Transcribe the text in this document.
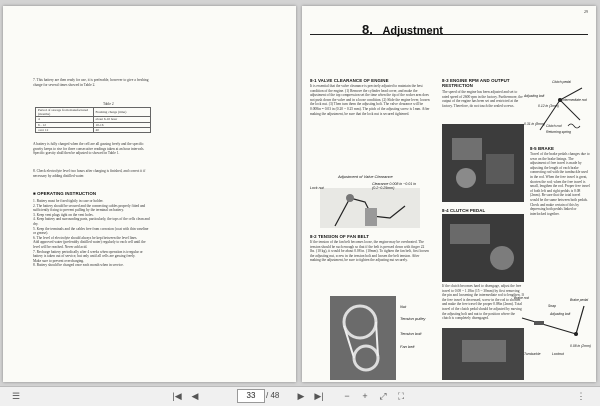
7. This battery are then ready for use, it is preferable, however to give a freshing charge for several times showed in Table 2.
Table 2
Period of storage from manufactured (months)	Freshing charge (time)
4	about 6-10 hour
6 - 12	10-16
over 12	40
A battery is fully charged when the cell are all gassing freely and the specific gravity keeps to rise for three consecutive readings taken at an hour intervals. Specific gravity shall then be adjusted to showed in Table 1.
8. Check electrolyte level two hours after charging is finished, and correct it if necessary by adding distilled water.
■ OPERATING INSTRUCTION
1. Battery must be fixed tightly in case or holder.
2. The battery should be secured and the connecting cables properly fitted and sufficiently fixing to prevent pulling by the terminal on battery.
3. Keep vent plugs tight on the vent holes.
4. Keep battery and surrounding parts, particularly, the tops of the cells clean and dry.
5. Keep the terminals and the cables free from corrosion (coat with thin vaseline or grease).
6. The level of electrolyte should always be kept between the level lines.
Add approved water (preferably distilled water) regularly to each cell until the level will be reached. Never add acid.
7. Recharge battery periodically after 4 weeks when operation is irregular or battery is taken out of service, but only until all cells are gassing freely.
Make sure to prevent overcharging.
8. Battery should be charged once each month when in service.
29
8. Adjustment
8-1 VALVE CLEARANCE OF ENGINE
It is essential that the valve clearance is precisely adjusted to maintain the best condition of the engine. (1) Remove the cylinder head cover, and make the adjustment of the top compression set the time when the tip of the rocker arm does not push down the valve and in a loose condition. (2) Slide the engine lever, loosen the lock nut. (3) Then turn them the adjusting bolt. The valve clearance will be 0.008in = 0.03 in (0.20 ~ 0.25 mm). The pitch of the adjusting screw is 1mm. After making the adjustment, be sure that the lock nut is secured tightened.
Adjustment of Valve Clearance
Clearance 0.008 in ~0.01 in (0.2~0.25mm)
Lock nut
8-2 TENSION OF FAN BELT
If the tension of the fan belt becomes loose, the engine may be overheated. The tension should be such enough so that if the belt is pressed down with finger 22 lbs. (10 kg), it would be about 0.08 in. (10mm). To tighten the fan belt, first loosen the adjusting nut, screw in the tension bolt and loosen the belt tension. After making the adjustment, be sure to tighten the adjusting nut securely.
Nut
Tension pulley
Tension bolt
Fan belt
8-3 ENGINE RPM AND OUTPUT RESTRICTION
The speed of the engine has been adjusted and set to rated speed of 2600 rpm in the factory. Furthermore, the output of the engine has been set and restricted at the factory. Therefore, do not touch the sealed screws.
8-4 CLUTCH PEDAL
If the clutch becomes hard to disengage, adjust the free travel to 0.08 ~ 1.18in (15 ~ 30mm) by first removing the pin and loosening the intermediate rod to lengthen. If the free travel is decreased, screw in the rod to shorten and make the free travel the proper 0.08in (2mm). Total travel of the clutch pedal should be adjusted by moving the adjusting bolt and nut to the position where the clutch is completely disengaged.
Clutch pedal
Adjusting bolt
Intermediate rod
0.12 in (3mm)
0.31 in (8mm) Clutch rod
Returning spring
8-5 BRAKE
Travel of the brake pedals changes due to wear on the brake linings. The adjustment of free travel is made by adjusting the length of each brake connecting rod with the turnbuckle used in the rod. When the free travel is great, shorten the rod; when the free travel is small, lengthen the rod. Proper free travel of both left and right pedals is 0.08 (2mm). Be sure that the total travel would be the same between both pedals. Check and make certain of this by depressing both pedals linked or interlocked together.
Brake rod
Snap
Adjusting bolt
Brake pedal
Turnbuckle	Locknut
0.08 in (2mm)
☰	|◀	◀	33	/ 48	▶	▶|	−	+	⤢	⛶	⋮
